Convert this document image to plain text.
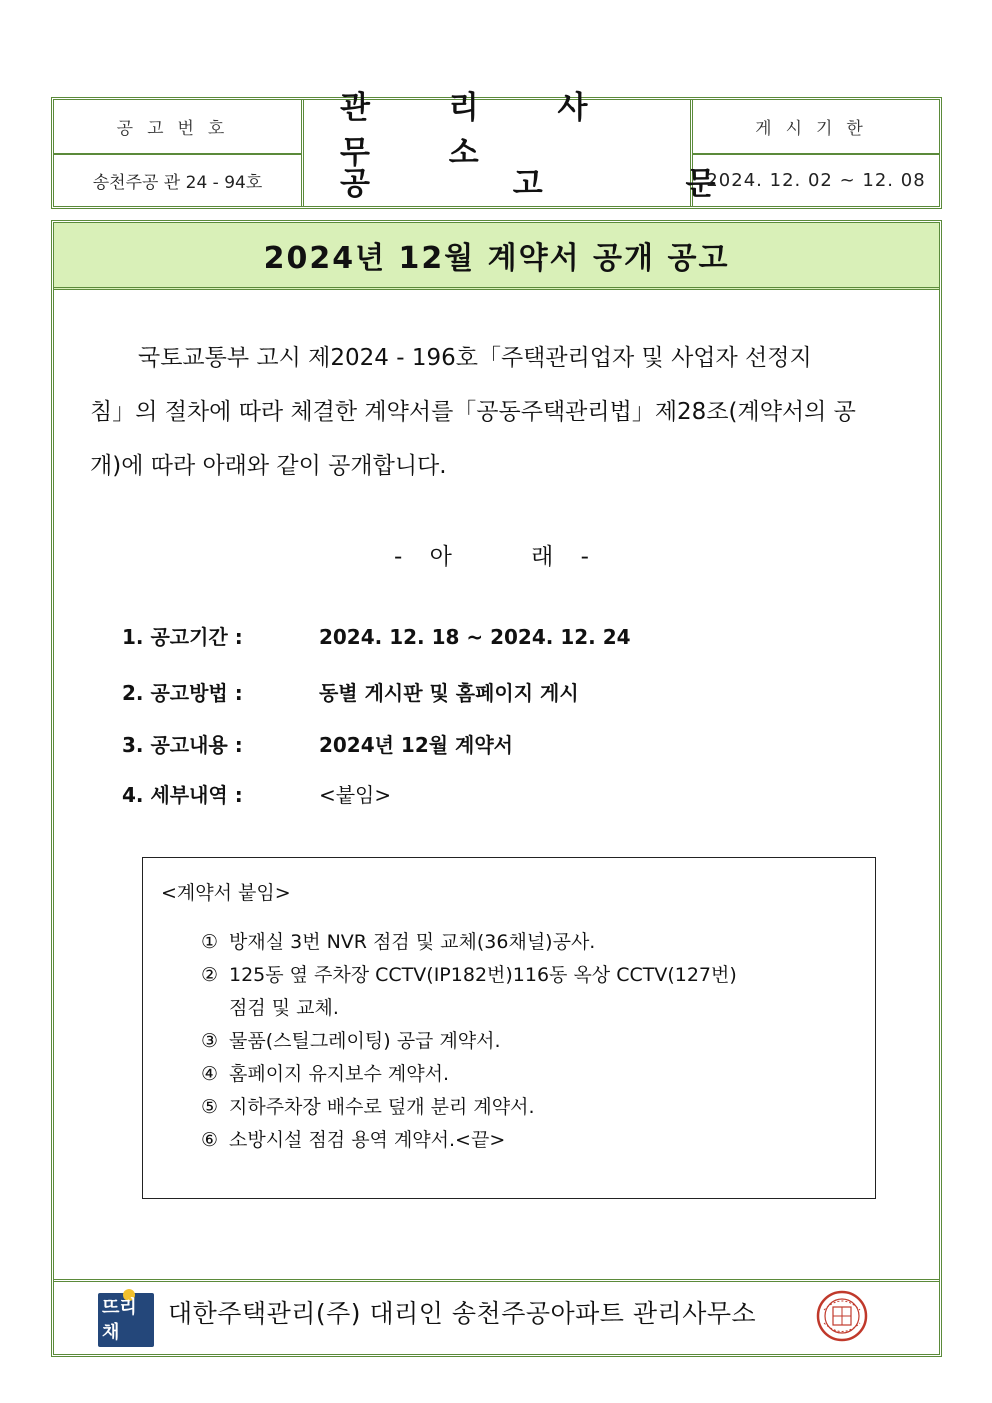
공고번호
송천주공 관 24 - 94호
관 리 사 무 소
공 고 문
게시기한
2024. 12. 02 ~ 12. 08
2024년 12월 계약서 공개 공고
국토교통부 고시 제2024 - 196호「주택관리업자 및 사업자 선정지
침」의 절차에 따라 체결한 계약서를「공동주택관리법」제28조(계약서의 공
개)에 따라 아래와 같이 공개합니다.
- 아    래 -
1. 공고기간 :	2024. 12. 18 ~ 2024. 12. 24
2. 공고방법 :	동별 게시판 및 홈페이지 게시
3. 공고내용 :	2024년 12월 계약서
4. 세부내역 :	<붙임>
<계약서 붙임>
① 방재실 3번 NVR 점검 및 교체(36채널)공사.
② 125동 옆 주차장 CCTV(IP182번)116동 옥상 CCTV(127번)
점검 및 교체.
③ 물품(스틸그레이팅) 공급 계약서.
④ 홈페이지 유지보수 계약서.
⑤ 지하주차장 배수로 덮개 분리 계약서.
⑥ 소방시설 점검 용역 계약서.<끝>
뜨리채
대한주택관리(주) 대리인 송천주공아파트 관리사무소
